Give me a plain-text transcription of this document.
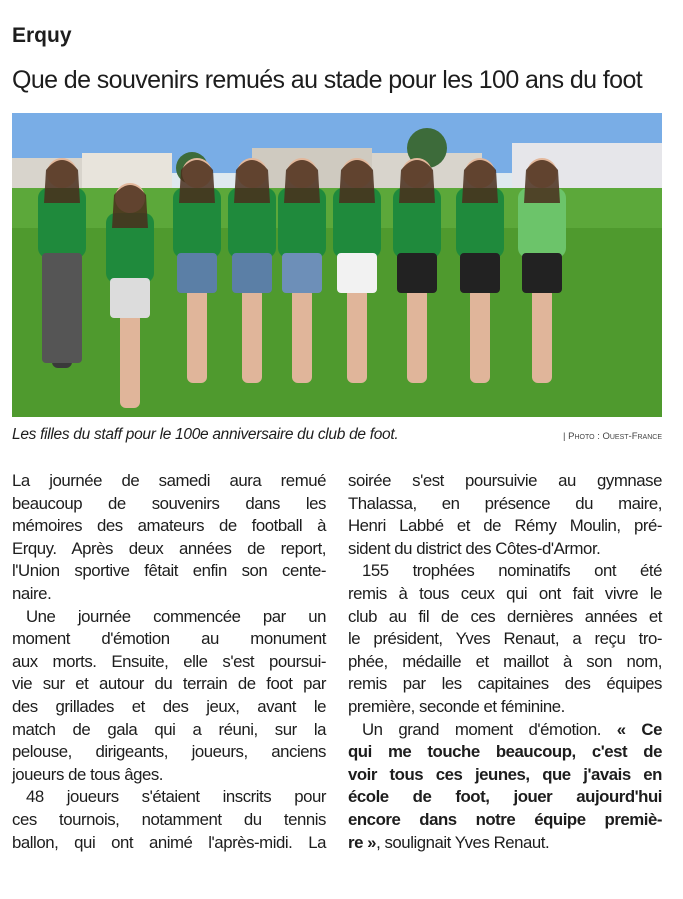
Erquy
Que de souvenirs remués au stade pour les 100 ans du foot
Les filles du staff pour le 100e anniversaire du club de foot.	| Photo : Ouest-France
La journée de samedi aura remué
beaucoup de souvenirs dans les
mémoires des amateurs de football à
Erquy. Après deux années de report,
l'Union sportive fêtait enfin son cente-
naire.
Une journée commencée par un
moment d'émotion au monument
aux morts. Ensuite, elle s'est poursui-
vie sur et autour du terrain de foot par
des grillades et des jeux, avant le
match de gala qui a réuni, sur la
pelouse, dirigeants, joueurs, anciens
joueurs de tous âges.
48 joueurs s'étaient inscrits pour
ces tournois, notamment du tennis
ballon, qui ont animé l'après-midi. La
soirée s'est poursuivie au gymnase
Thalassa, en présence du maire,
Henri Labbé et de Rémy Moulin, pré-
sident du district des Côtes-d'Armor.
155 trophées nominatifs ont été
remis à tous ceux qui ont fait vivre le
club au fil de ces dernières années et
le président, Yves Renaut, a reçu tro-
phée, médaille et maillot à son nom,
remis par les capitaines des équipes
première, seconde et féminine.
Un grand moment d'émotion. « Ce
qui me touche beaucoup, c'est de
voir tous ces jeunes, que j'avais en
école de foot, jouer aujourd'hui
encore dans notre équipe premiè-
re », soulignait Yves Renaut.
